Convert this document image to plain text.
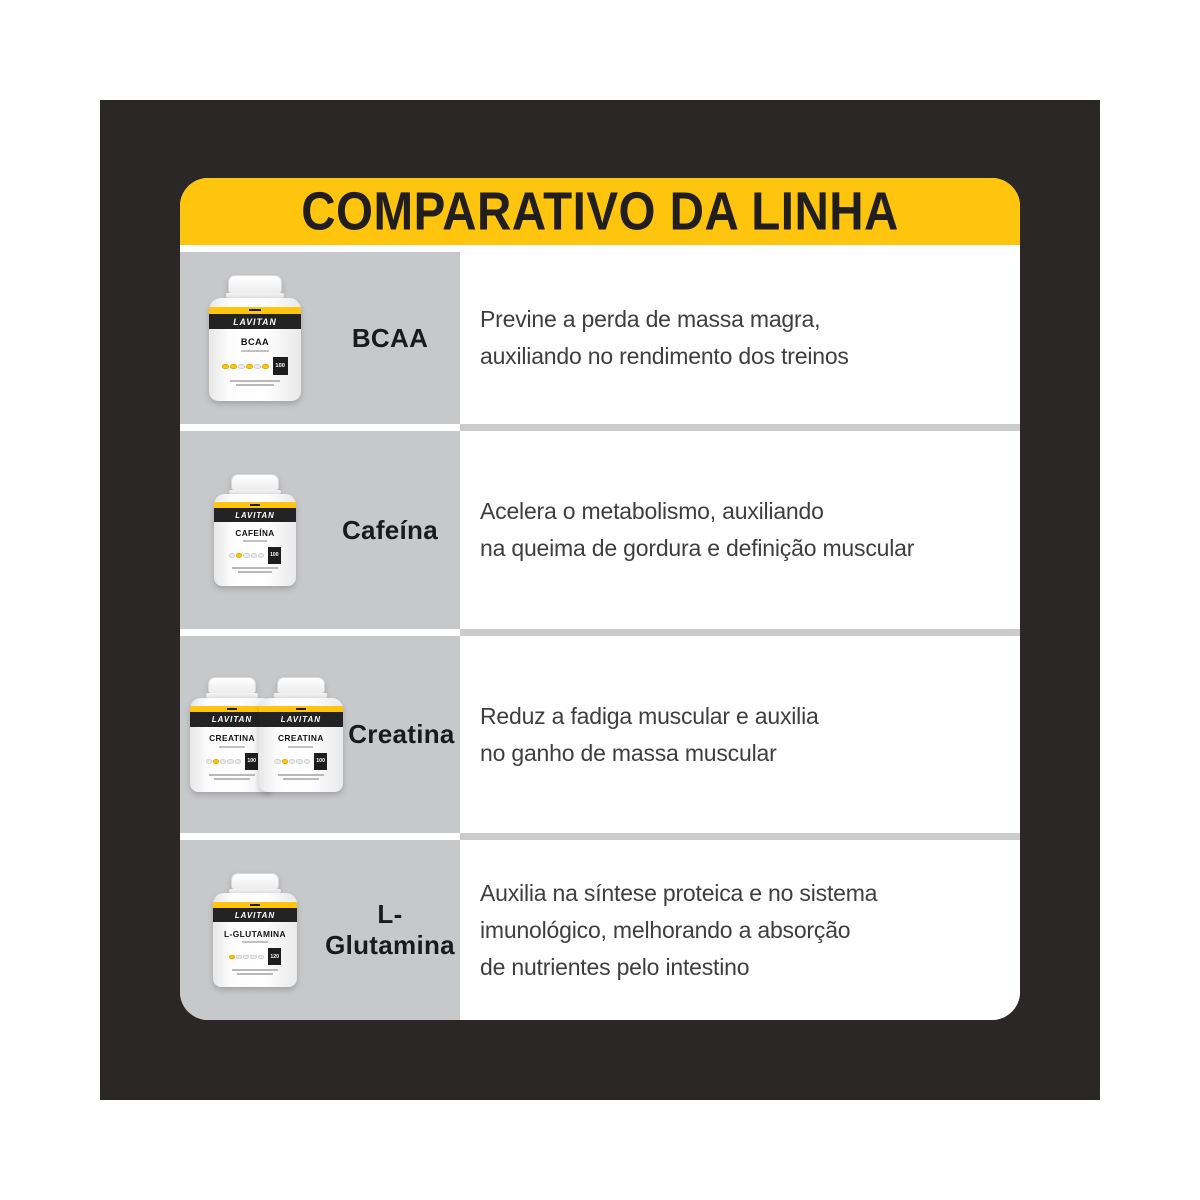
COMPARATIVO DA LINHA
LAVITAN
BCAA
100
BCAA
Previne a perda de massa magra,
auxiliando no rendimento dos treinos
LAVITAN
CAFEÍNA
100
Cafeína
Acelera o metabolismo, auxiliando
na queima de gordura e definição muscular
LAVITAN
CREATINA
100
LAVITAN
CREATINA
100
Creatina
Reduz a fadiga muscular e auxilia
no ganho de massa muscular
LAVITAN
L-GLUTAMINA
120
L-Glutamina
Auxilia na síntese proteica e no sistema
imunológico, melhorando a absorção
de nutrientes pelo intestino
